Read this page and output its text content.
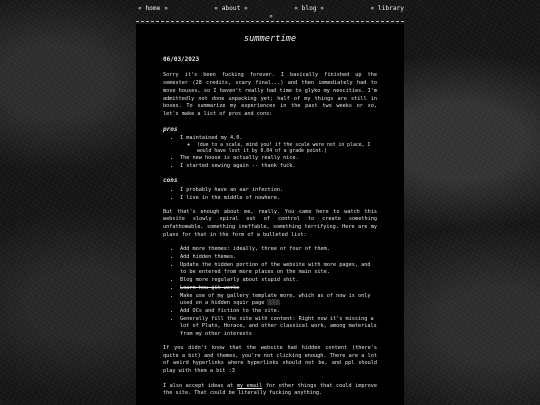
« home »	« about »	« blog »	« library
»
summertime
06/03/2023

Sorry it's been fucking forever. I basically finished up the semester (28 credits, scary final...) and then immediately had to move houses, so I haven't really had time to glyko my neocities. I'm admittedly not done unpacking yet; half of my things are still in boxes. To summarize my experiences in the past two weeks or so, let's make a list of pros and cons:

pros
• I maintained my 4.0.
◦ (due to a scale, mind you! if the scale were not in place, I would have lost it by 0.04 of a grade point.)
• The new house is actually really nice.
• I started sewing again -- thank fuck.
cons
• I probably have an ear infection.
• I live in the middle of nowhere.

But that's enough about me, really. You came here to watch this website slowly spiral out of control to create something unfathomable, something ineffable, something terrifying. Here are my plans for that in the form of a bulleted list:

• Add more themes: ideally, three or four of them.
• Add hidden themes.
• Update the hidden portion of the website with more pages, and to be entered from more places on the main site.
• Blog more regularly about stupid shit.
• Learn how git works
• Make use of my gallery template more, which as of now is only used on a hidden squir page ░░░░
• Add OCs and fiction to the site.
• Generally fill the site with content: Right now it's missing a lot of Plato, Horace, and other classical work, among materials from my other interests

If you didn't know that the website had hidden content (there's quite a bit) and themes, you're not clicking enough. There are a lot of weird hyperlinks where hyperlinks should not be, and ppl should play with them a bit :3

I also accept ideas at my email for other things that could improve the site. That could be literally fucking anything.
